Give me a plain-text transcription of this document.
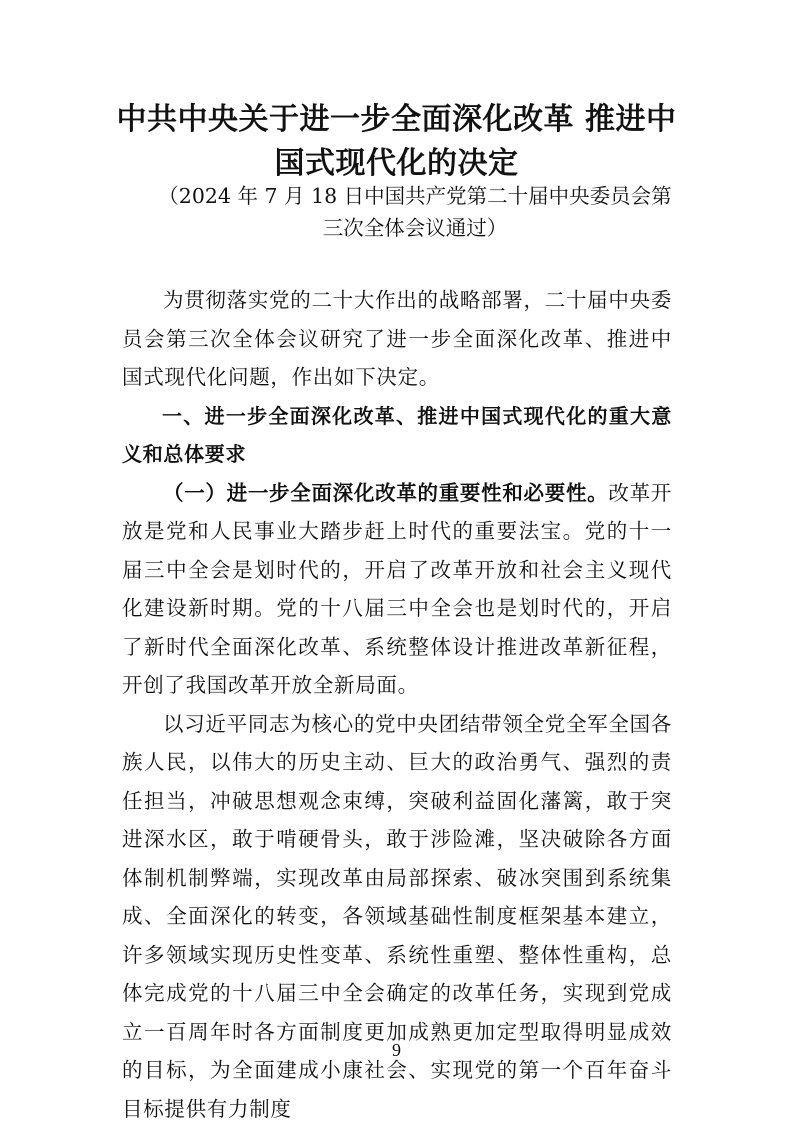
中共中央关于进一步全面深化改革 推进中国式现代化的决定

（2024 年 7 月 18 日中国共产党第二十届中央委员会第三次全体会议通过）

为贯彻落实党的二十大作出的战略部署，二十届中央委员会第三次全体会议研究了进一步全面深化改革、推进中国式现代化问题，作出如下决定。

一、进一步全面深化改革、推进中国式现代化的重大意义和总体要求

（一）进一步全面深化改革的重要性和必要性。改革开放是党和人民事业大踏步赶上时代的重要法宝。党的十一届三中全会是划时代的，开启了改革开放和社会主义现代化建设新时期。党的十八届三中全会也是划时代的，开启了新时代全面深化改革、系统整体设计推进改革新征程，开创了我国改革开放全新局面。

以习近平同志为核心的党中央团结带领全党全军全国各族人民，以伟大的历史主动、巨大的政治勇气、强烈的责任担当，冲破思想观念束缚，突破利益固化藩篱，敢于突进深水区，敢于啃硬骨头，敢于涉险滩，坚决破除各方面体制机制弊端，实现改革由局部探索、破冰突围到系统集成、全面深化的转变，各领域基础性制度框架基本建立，许多领域实现历史性变革、系统性重塑、整体性重构，总体完成党的十八届三中全会确定的改革任务，实现到党成立一百周年时各方面制度更加成熟更加定型取得明显成效的目标，为全面建成小康社会、实现党的第一个百年奋斗目标提供有力制度

9
